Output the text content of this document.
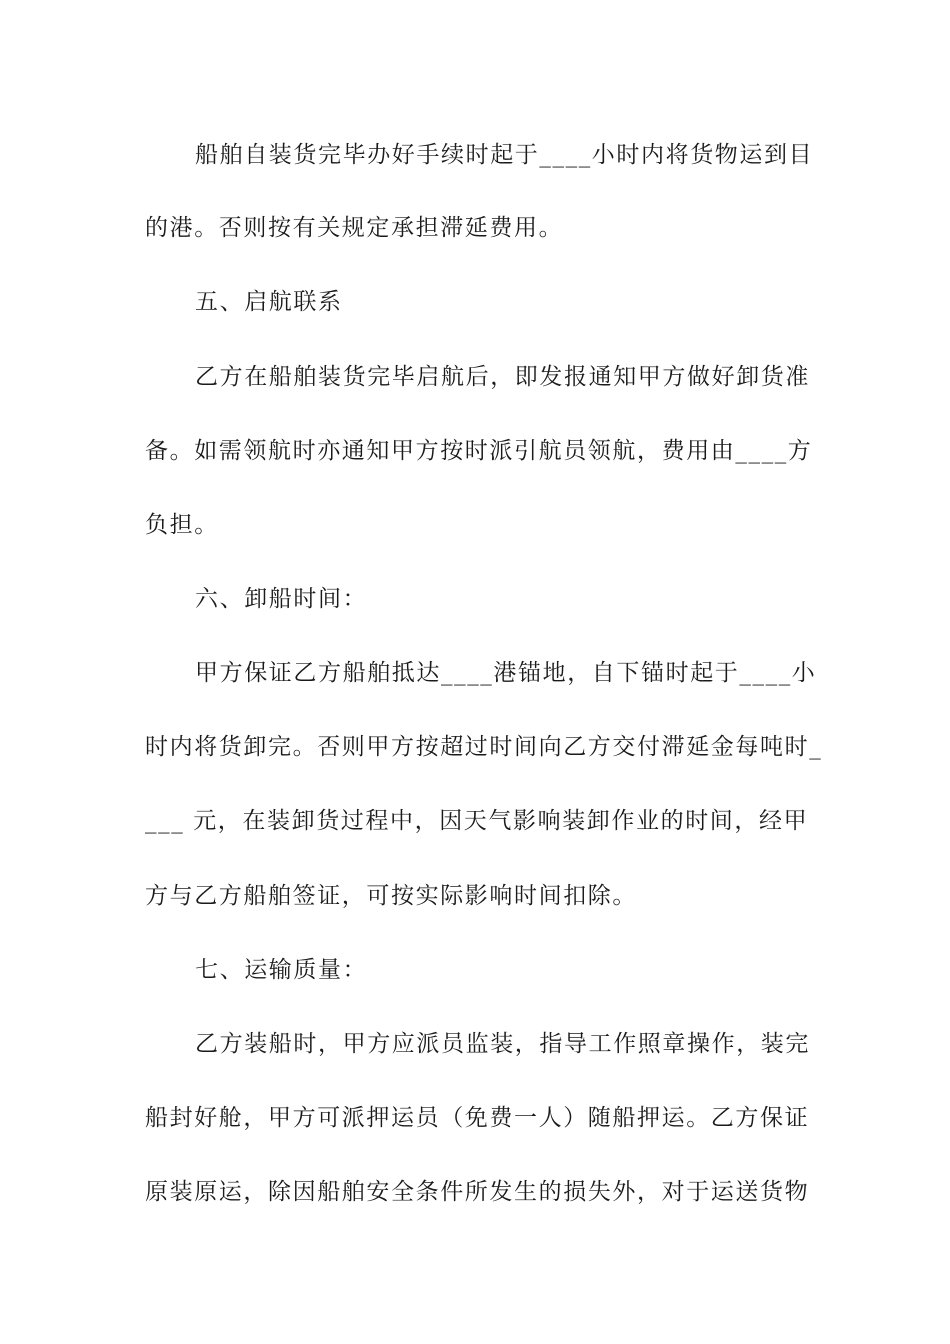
船舶自装货完毕办好手续时起于____小时内将货物运到目
的港。否则按有关规定承担滞延费用。
五、启航联系
乙方在船舶装货完毕启航后，即发报通知甲方做好卸货准
备。如需领航时亦通知甲方按时派引航员领航，费用由____方
负担。
六、卸船时间：
甲方保证乙方船舶抵达____港锚地，自下锚时起于____小
时内将货卸完。否则甲方按超过时间向乙方交付滞延金每吨时_
___ 元，在装卸货过程中，因天气影响装卸作业的时间，经甲
方与乙方船舶签证，可按实际影响时间扣除。
七、运输质量：
乙方装船时，甲方应派员监装，指导工作照章操作，装完
船封好舱，甲方可派押运员（免费一人）随船押运。乙方保证
原装原运，除因船舶安全条件所发生的损失外，对于运送货物
